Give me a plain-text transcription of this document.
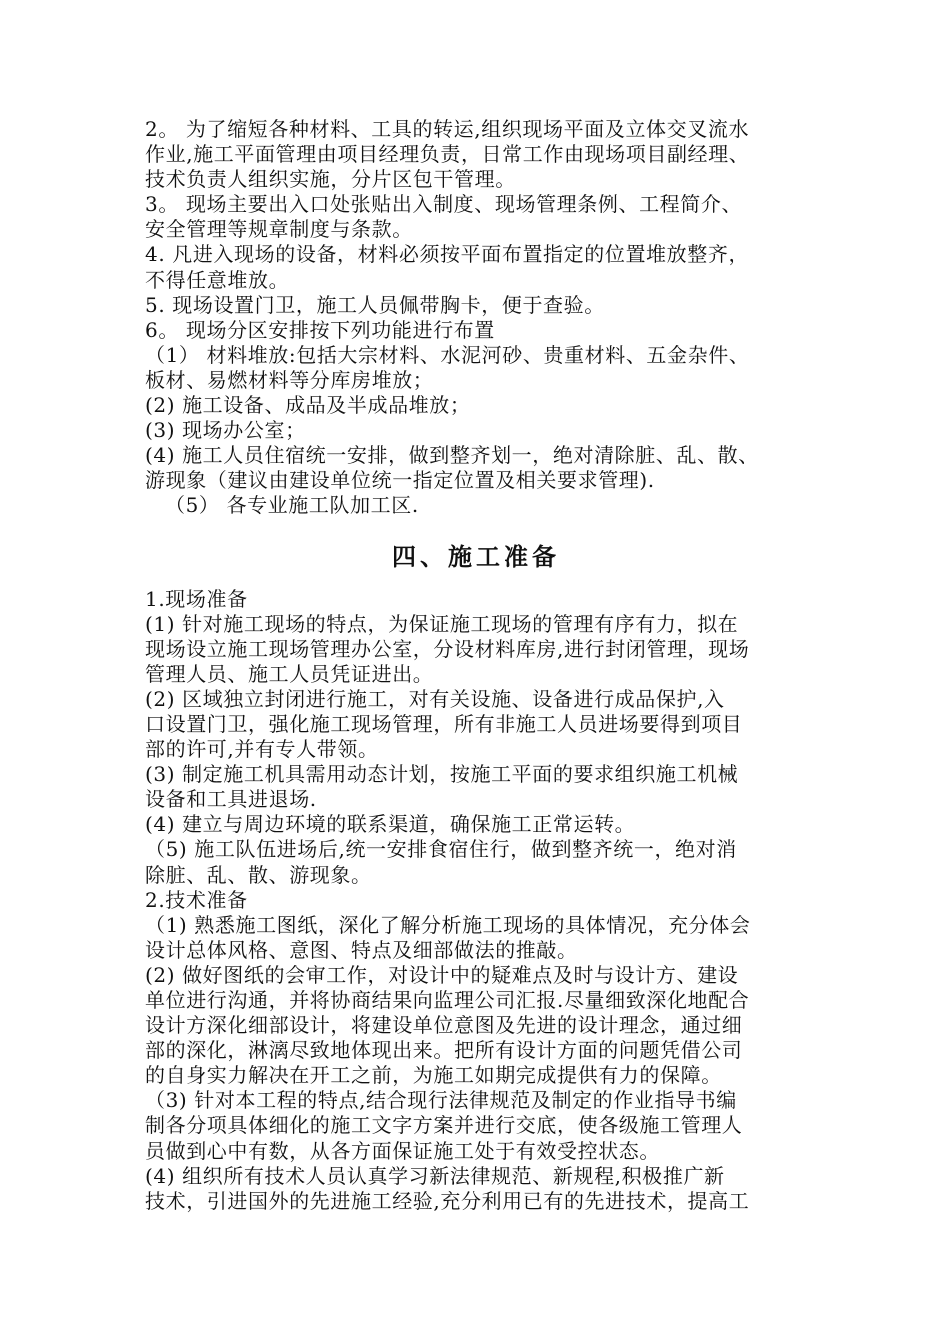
2。 为了缩短各种材料、工具的转运,组织现场平面及立体交叉流水
作业,施工平面管理由项目经理负责，日常工作由现场项目副经理、
技术负责人组织实施，分片区包干管理。
3。 现场主要出入口处张贴出入制度、现场管理条例、工程简介、
安全管理等规章制度与条款。
4. 凡进入现场的设备，材料必须按平面布置指定的位置堆放整齐，
不得任意堆放。
5. 现场设置门卫，施工人员佩带胸卡，便于查验。
6。 现场分区安排按下列功能进行布置
（1） 材料堆放:包括大宗材料、水泥河砂、贵重材料、五金杂件、
板材、易燃材料等分库房堆放；
(2) 施工设备、成品及半成品堆放；
(3) 现场办公室；
(4) 施工人员住宿统一安排，做到整齐划一，绝对清除脏、乱、散、
游现象（建议由建设单位统一指定位置及相关要求管理).
（5） 各专业施工队加工区.
四、施工准备
1.现场准备
(1) 针对施工现场的特点，为保证施工现场的管理有序有力，拟在
现场设立施工现场管理办公室，分设材料库房,进行封闭管理，现场
管理人员、施工人员凭证进出。
(2) 区域独立封闭进行施工，对有关设施、设备进行成品保护,入
口设置门卫，强化施工现场管理，所有非施工人员进场要得到项目
部的许可,并有专人带领。
(3) 制定施工机具需用动态计划，按施工平面的要求组织施工机械
设备和工具进退场.
(4) 建立与周边环境的联系渠道，确保施工正常运转。
（5) 施工队伍进场后,统一安排食宿住行，做到整齐统一，绝对消
除脏、乱、散、游现象。
2.技术准备
（1) 熟悉施工图纸，深化了解分析施工现场的具体情况，充分体会
设计总体风格、意图、特点及细部做法的推敲。
(2) 做好图纸的会审工作，对设计中的疑难点及时与设计方、建设
单位进行沟通，并将协商结果向监理公司汇报.尽量细致深化地配合
设计方深化细部设计，将建设单位意图及先进的设计理念，通过细
部的深化，淋漓尽致地体现出来。把所有设计方面的问题凭借公司
的自身实力解决在开工之前，为施工如期完成提供有力的保障。
（3) 针对本工程的特点,结合现行法律规范及制定的作业指导书编
制各分项具体细化的施工文字方案并进行交底，使各级施工管理人
员做到心中有数，从各方面保证施工处于有效受控状态。
(4) 组织所有技术人员认真学习新法律规范、新规程,积极推广新
技术，引进国外的先进施工经验,充分利用已有的先进技术，提高工
